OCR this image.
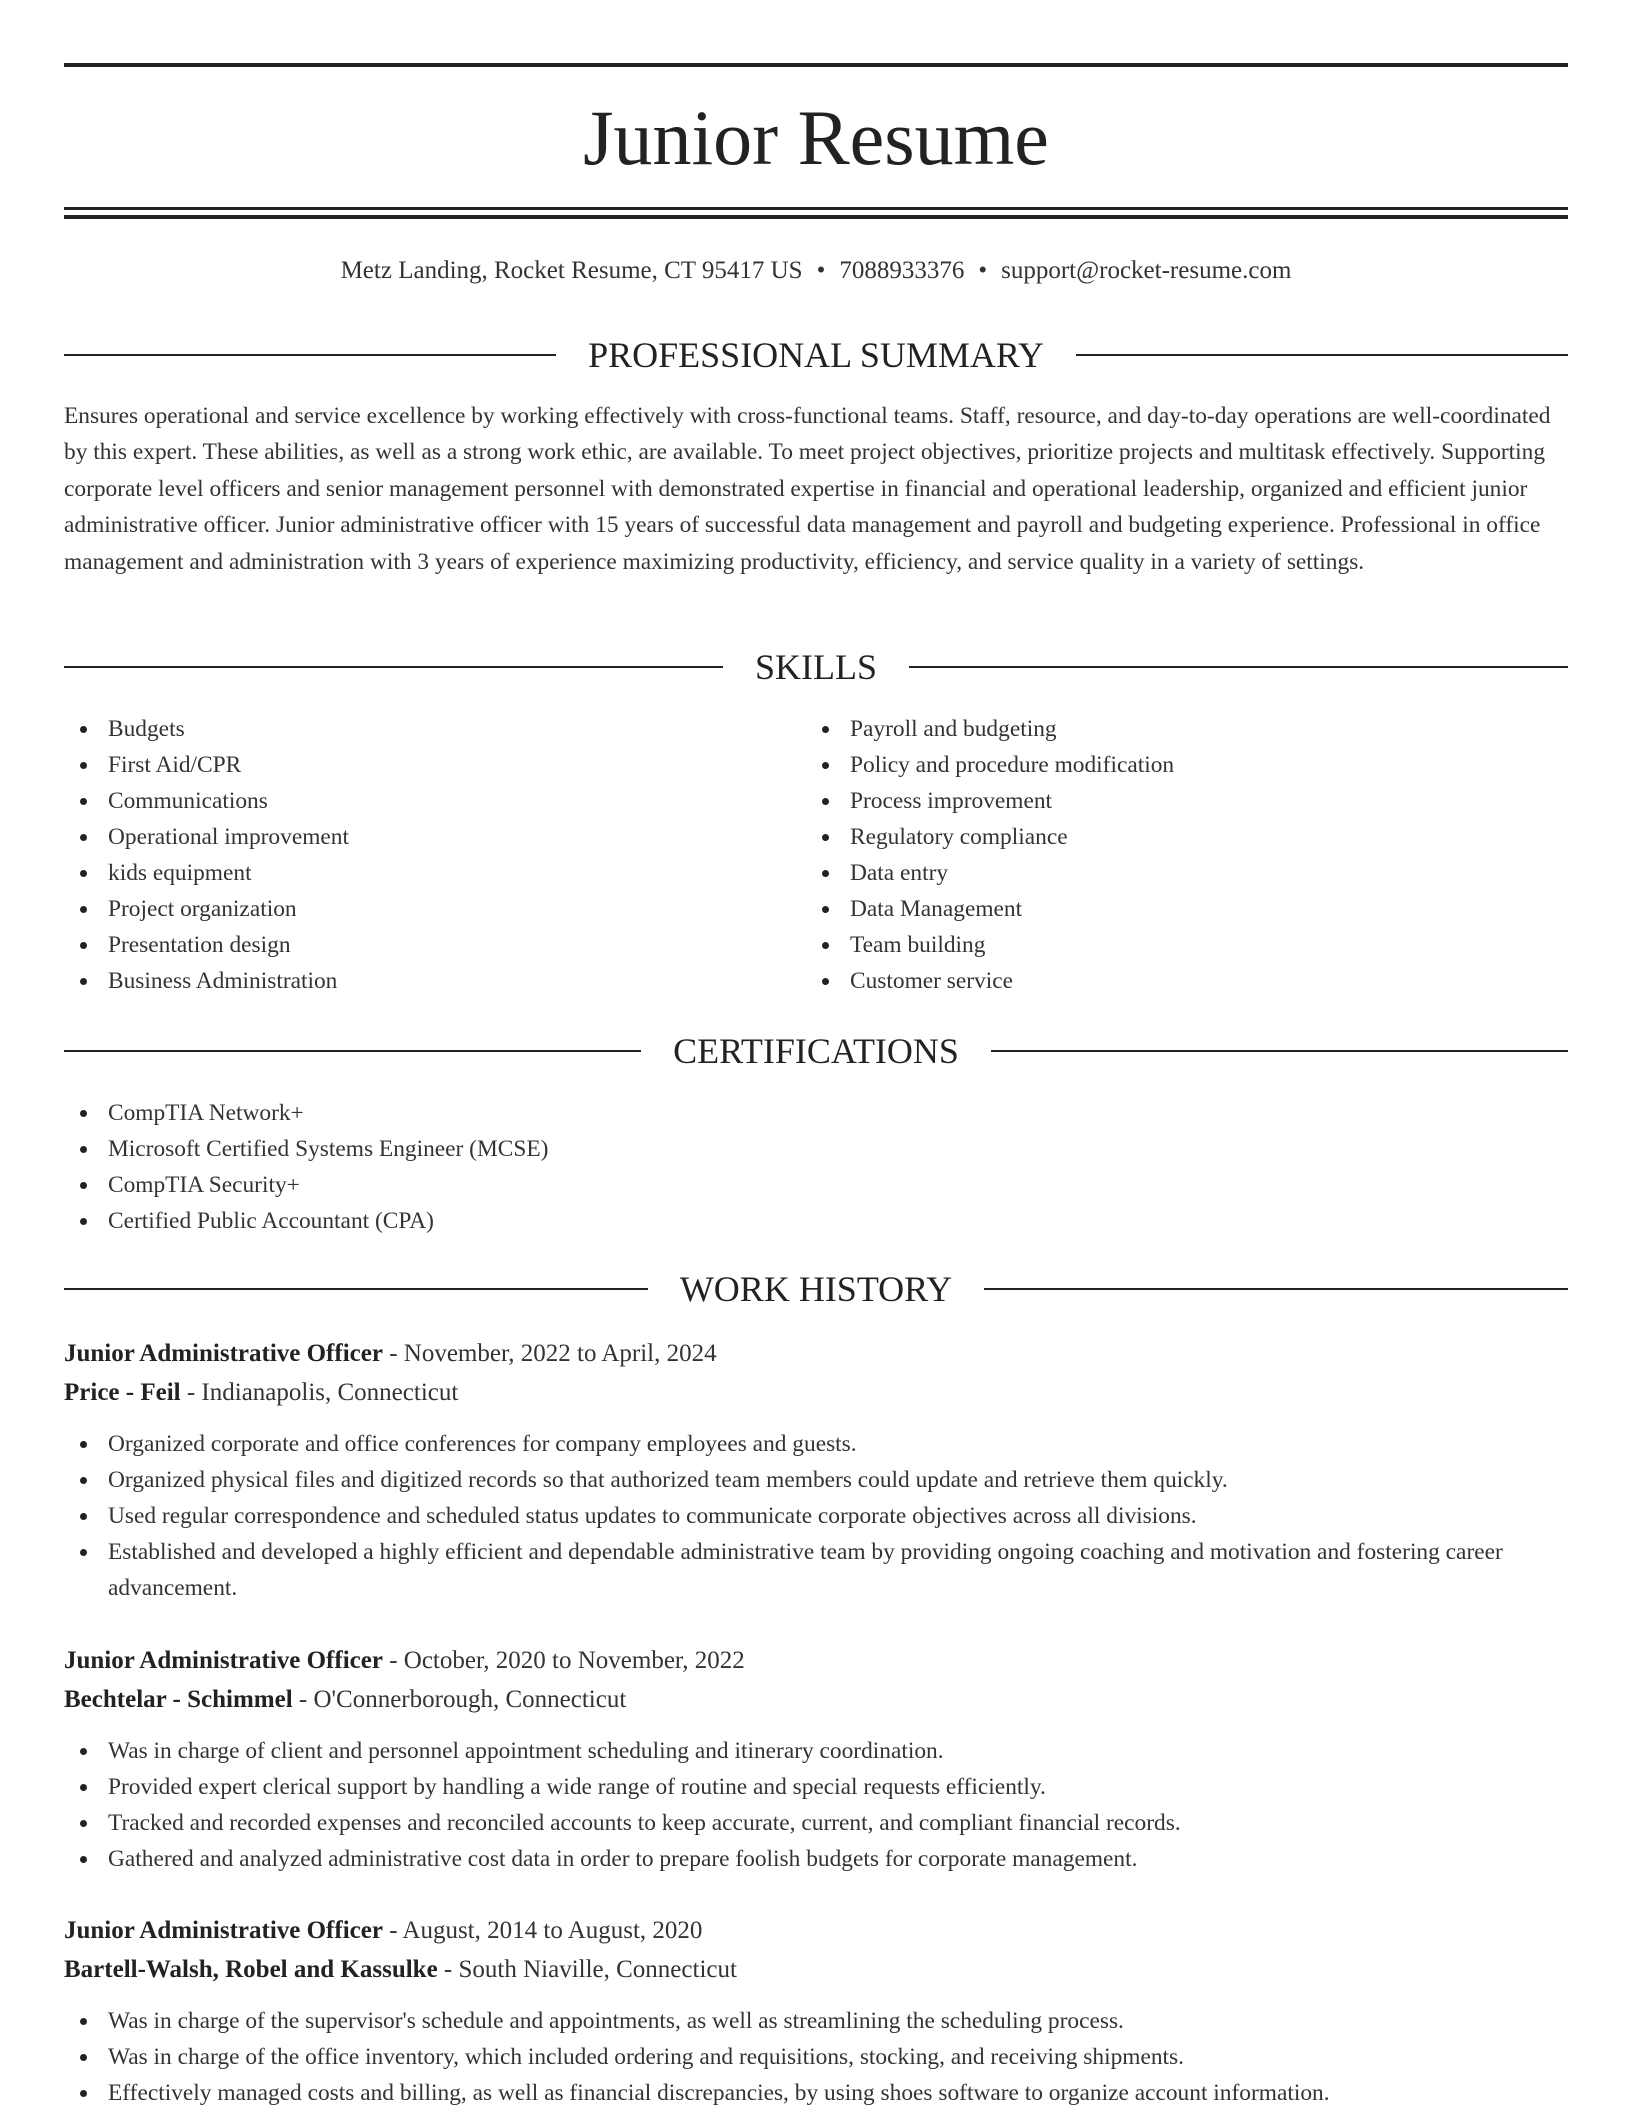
Junior Resume
Metz Landing, Rocket Resume, CT 95417 US • 7088933376 • support@rocket-resume.com
PROFESSIONAL SUMMARY

Ensures operational and service excellence by working effectively with cross-functional teams. Staff, resource, and day-to-day operations are well-coordinated by this expert. These abilities, as well as a strong work ethic, are available. To meet project objectives, prioritize projects and multitask effectively. Supporting corporate level officers and senior management personnel with demonstrated expertise in financial and operational leadership, organized and efficient junior administrative officer. Junior administrative officer with 15 years of successful data management and payroll and budgeting experience. Professional in office management and administration with 3 years of experience maximizing productivity, efficiency, and service quality in a variety of settings.

SKILLS
Budgets
First Aid/CPR
Communications
Operational improvement
kids equipment
Project organization
Presentation design
Business Administration
Payroll and budgeting
Policy and procedure modification
Process improvement
Regulatory compliance
Data entry
Data Management
Team building
Customer service
CERTIFICATIONS
CompTIA Network+
Microsoft Certified Systems Engineer (MCSE)
CompTIA Security+
Certified Public Accountant (CPA)
WORK HISTORY
Junior Administrative Officer - November, 2022 to April, 2024
Price - Feil - Indianapolis, Connecticut
Organized corporate and office conferences for company employees and guests.
Organized physical files and digitized records so that authorized team members could update and retrieve them quickly.
Used regular correspondence and scheduled status updates to communicate corporate objectives across all divisions.
Established and developed a highly efficient and dependable administrative team by providing ongoing coaching and motivation and fostering career advancement.
Junior Administrative Officer - October, 2020 to November, 2022
Bechtelar - Schimmel - O'Connerborough, Connecticut
Was in charge of client and personnel appointment scheduling and itinerary coordination.
Provided expert clerical support by handling a wide range of routine and special requests efficiently.
Tracked and recorded expenses and reconciled accounts to keep accurate, current, and compliant financial records.
Gathered and analyzed administrative cost data in order to prepare foolish budgets for corporate management.
Junior Administrative Officer - August, 2014 to August, 2020
Bartell-Walsh, Robel and Kassulke - South Niaville, Connecticut
Was in charge of the supervisor's schedule and appointments, as well as streamlining the scheduling process.
Was in charge of the office inventory, which included ordering and requisitions, stocking, and receiving shipments.
Effectively managed costs and billing, as well as financial discrepancies, by using shoes software to organize account information.
